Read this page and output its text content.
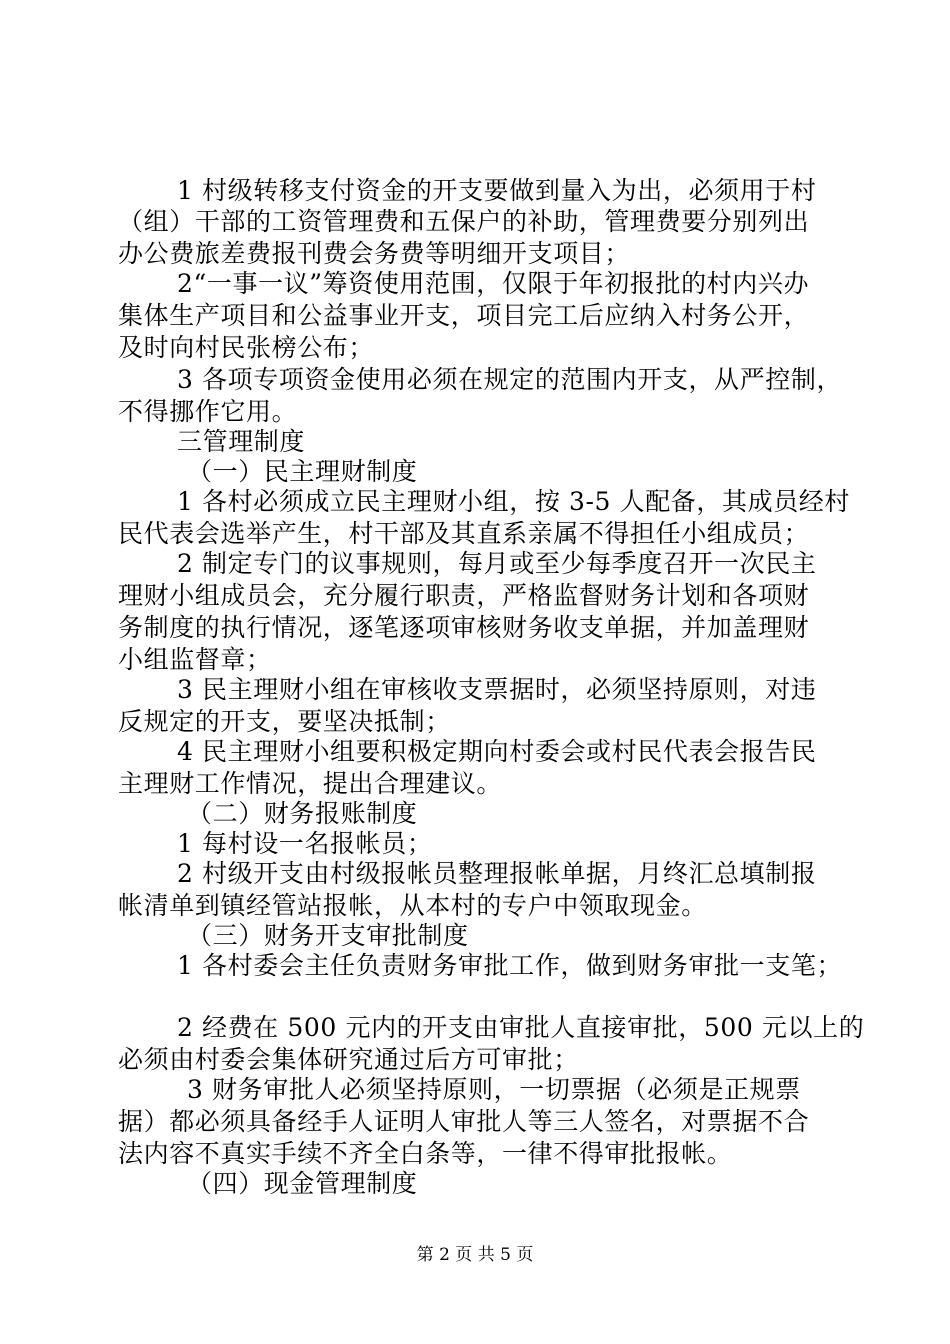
1 村级转移支付资金的开支要做到量入为出，必须用于村
（组）干部的工资管理费和五保户的补助，管理费要分别列出
办公费旅差费报刊费会务费等明细开支项目；
2“一事一议”筹资使用范围，仅限于年初报批的村内兴办
集体生产项目和公益事业开支，项目完工后应纳入村务公开，
及时向村民张榜公布；
3 各项专项资金使用必须在规定的范围内开支，从严控制，
不得挪作它用。
三管理制度
（一）民主理财制度
1 各村必须成立民主理财小组，按 3-5 人配备，其成员经村
民代表会选举产生，村干部及其直系亲属不得担任小组成员；
2 制定专门的议事规则，每月或至少每季度召开一次民主
理财小组成员会，充分履行职责，严格监督财务计划和各项财
务制度的执行情况，逐笔逐项审核财务收支单据，并加盖理财
小组监督章；
3 民主理财小组在审核收支票据时，必须坚持原则，对违
反规定的开支，要坚决抵制；
4 民主理财小组要积极定期向村委会或村民代表会报告民
主理财工作情况，提出合理建议。
（二）财务报账制度
1 每村设一名报帐员；
2 村级开支由村级报帐员整理报帐单据，月终汇总填制报
帐清单到镇经管站报帐，从本村的专户中领取现金。
（三）财务开支审批制度
1 各村委会主任负责财务审批工作，做到财务审批一支笔；
2 经费在 500 元内的开支由审批人直接审批，500 元以上的
必须由村委会集体研究通过后方可审批；
3 财务审批人必须坚持原则，一切票据（必须是正规票
据）都必须具备经手人证明人审批人等三人签名，对票据不合
法内容不真实手续不齐全白条等，一律不得审批报帐。
（四）现金管理制度
第 2 页 共 5 页
